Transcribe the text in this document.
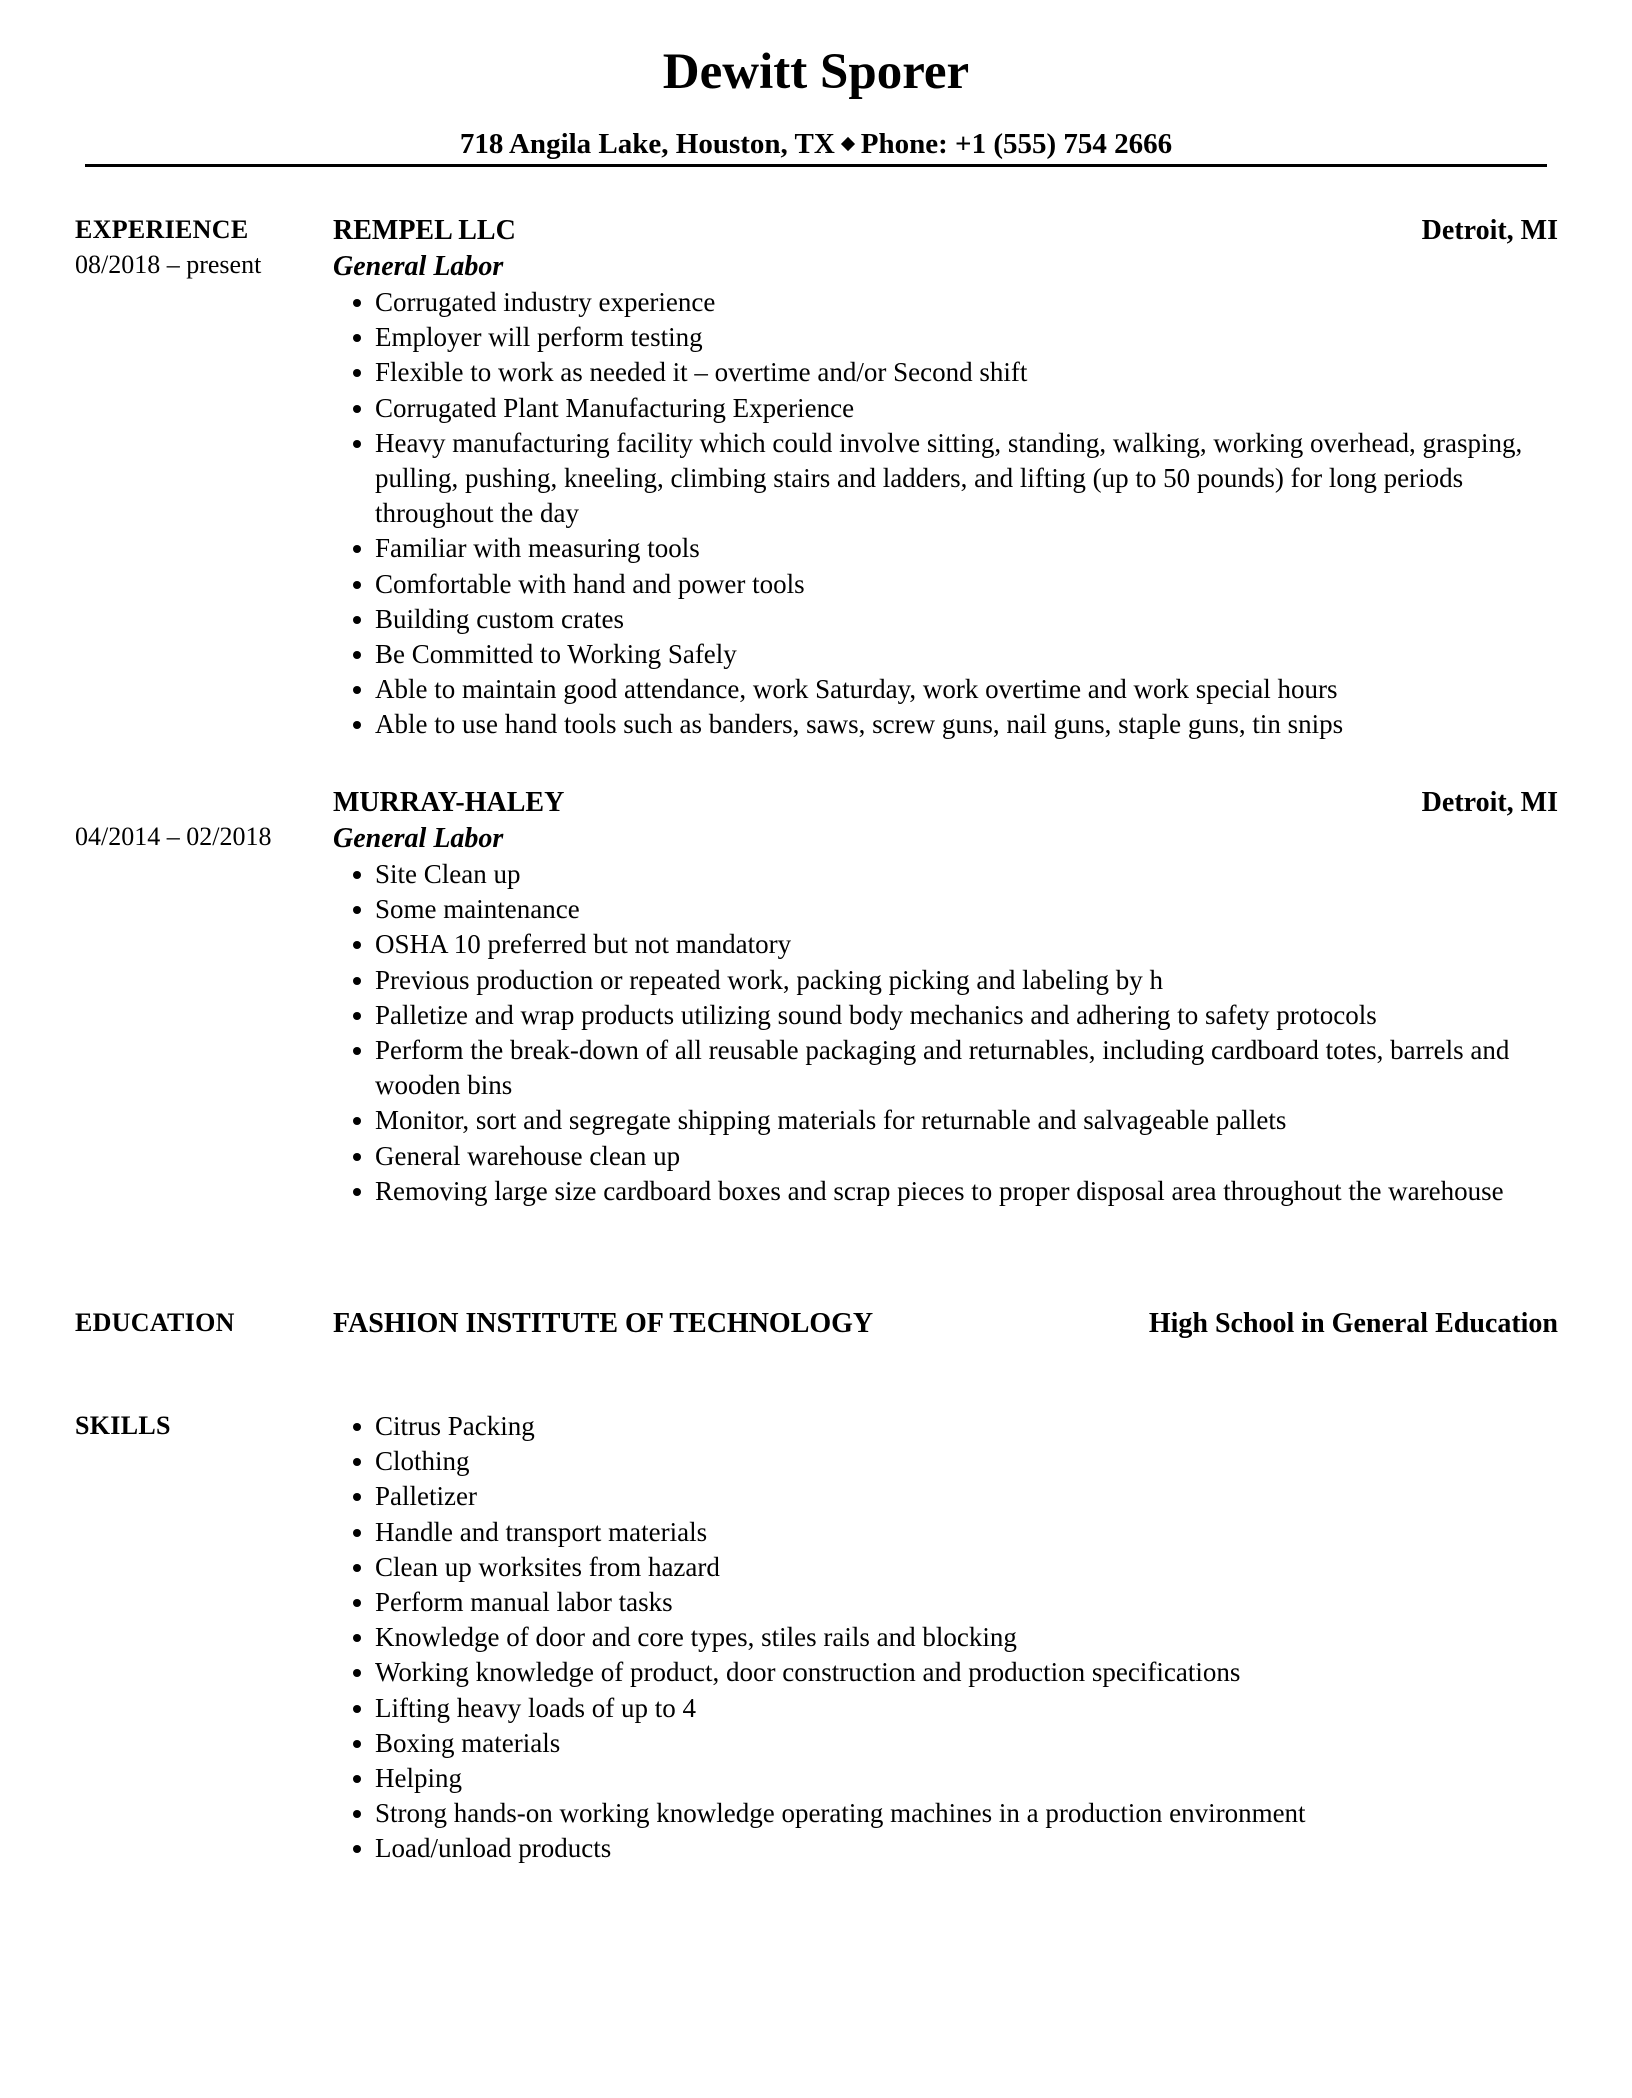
Dewitt Sporer
718 Angila Lake, Houston, TX Phone: +1 (555) 754 2666
EXPERIENCE
08/2018 – present
REMPEL LLC	Detroit, MI
General Labor
Corrugated industry experience
Employer will perform testing
Flexible to work as needed it – overtime and/or Second shift
Corrugated Plant Manufacturing Experience
Heavy manufacturing facility which could involve sitting, standing, walking, working overhead, grasping, pulling, pushing, kneeling, climbing stairs and ladders, and lifting (up to 50 pounds) for long periods throughout the day
Familiar with measuring tools
Comfortable with hand and power tools
Building custom crates
Be Committed to Working Safely
Able to maintain good attendance, work Saturday, work overtime and work special hours
Able to use hand tools such as banders, saws, screw guns, nail guns, staple guns, tin snips
04/2014 – 02/2018
MURRAY-HALEY	Detroit, MI
General Labor
Site Clean up
Some maintenance
OSHA 10 preferred but not mandatory
Previous production or repeated work, packing picking and labeling by h
Palletize and wrap products utilizing sound body mechanics and adhering to safety protocols
Perform the break-down of all reusable packaging and returnables, including cardboard totes, barrels and wooden bins
Monitor, sort and segregate shipping materials for returnable and salvageable pallets
General warehouse clean up
Removing large size cardboard boxes and scrap pieces to proper disposal area throughout the warehouse
EDUCATION	FASHION INSTITUTE OF TECHNOLOGY	High School in General Education
SKILLS	Citrus Packing
Clothing
Palletizer
Handle and transport materials
Clean up worksites from hazard
Perform manual labor tasks
Knowledge of door and core types, stiles rails and blocking
Working knowledge of product, door construction and production specifications
Lifting heavy loads of up to 4
Boxing materials
Helping
Strong hands-on working knowledge operating machines in a production environment
Load/unload products
